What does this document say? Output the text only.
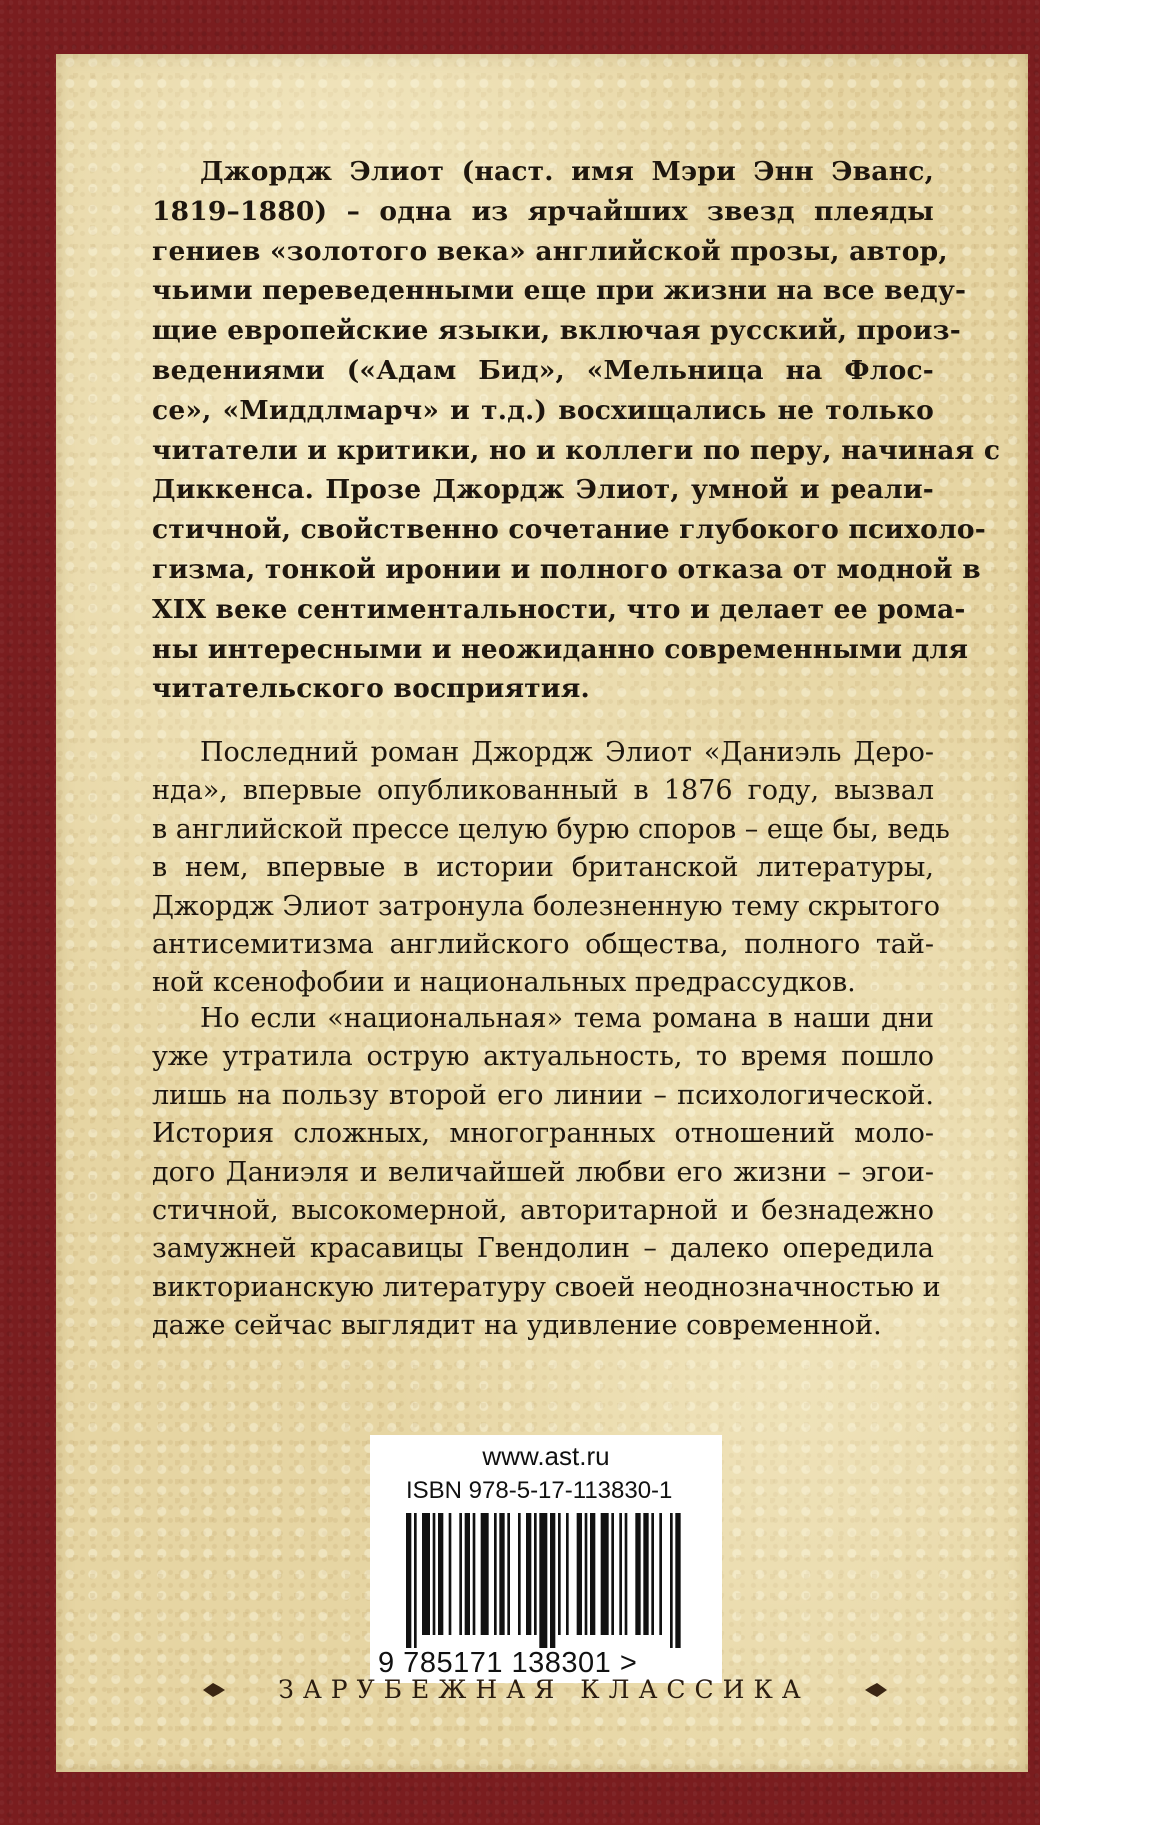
Джордж Элиот (наст. имя Мэри Энн Эванс,
1819–1880) – одна из ярчайших звезд плеяды
гениев «золотого века» английской прозы, автор,
чьими переведенными еще при жизни на все веду-
щие европейские языки, включая русский, произ-
ведениями («Адам Бид», «Мельница на Флос-
се», «Миддлмарч» и т.д.) восхищались не только
читатели и критики, но и коллеги по перу, начиная с
Диккенса. Прозе Джордж Элиот, умной и реали-
стичной, свойственно сочетание глубокого психоло-
гизма, тонкой иронии и полного отказа от модной в
XIX веке сентиментальности, что и делает ее рома-
ны интересными и неожиданно современными для
читательского восприятия.
Последний роман Джордж Элиот «Даниэль Деро-
нда», впервые опубликованный в 1876 году, вызвал
в английской прессе целую бурю споров – еще бы, ведь
в нем, впервые в истории британской литературы,
Джордж Элиот затронула болезненную тему скрытого
антисемитизма английского общества, полного тай-
ной ксенофобии и национальных предрассудков.
Но если «национальная» тема романа в наши дни
уже утратила острую актуальность, то время пошло
лишь на пользу второй его линии – психологической.
История сложных, многогранных отношений моло-
дого Даниэля и величайшей любви его жизни – эгои-
стичной, высокомерной, авторитарной и безнадежно
замужней красавицы Гвендолин – далеко опередила
викторианскую литературу своей неоднозначностью и
даже сейчас выглядит на удивление современной.
www.ast.ru
ISBN 978-5-17-113830-1
9 785171 138301 >
ЗАРУБЕЖНАЯ КЛАССИКА
